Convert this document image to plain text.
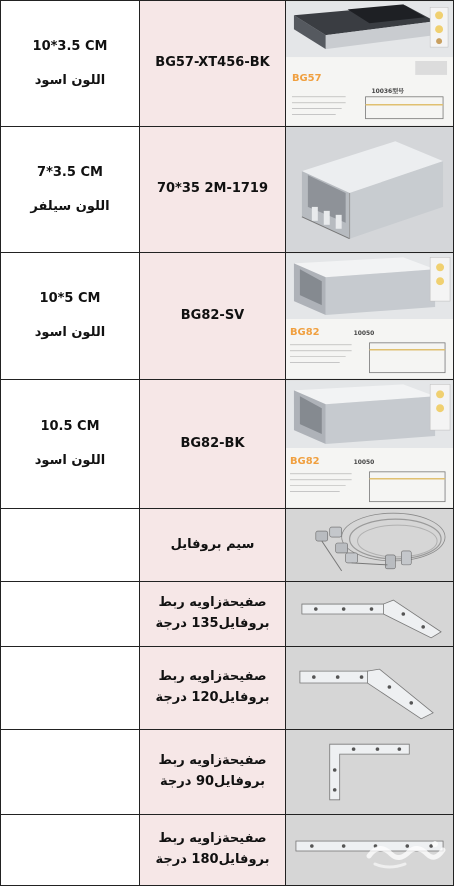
10*3.5 CM
اللون اسود	BG57-XT456-BK	BG57
10036型号

7*3.5 CM
اللون سيلفر	70*35 2M-1719

10*5 CM
اللون اسود	BG82-SV	BG82 10050

10.5 CM
اللون اسود	BG82-BK	BG82 10050

	سيم بروفايل

	صفيحةزاويه ربط
بروفايل135 درجة

	صفيحةزاويه ربط
بروفايل120 درجة

	صفيحةزاويه ربط
بروفايل90 درجة

	صفيحةزاويه ربط
بروفايل180 درجة
